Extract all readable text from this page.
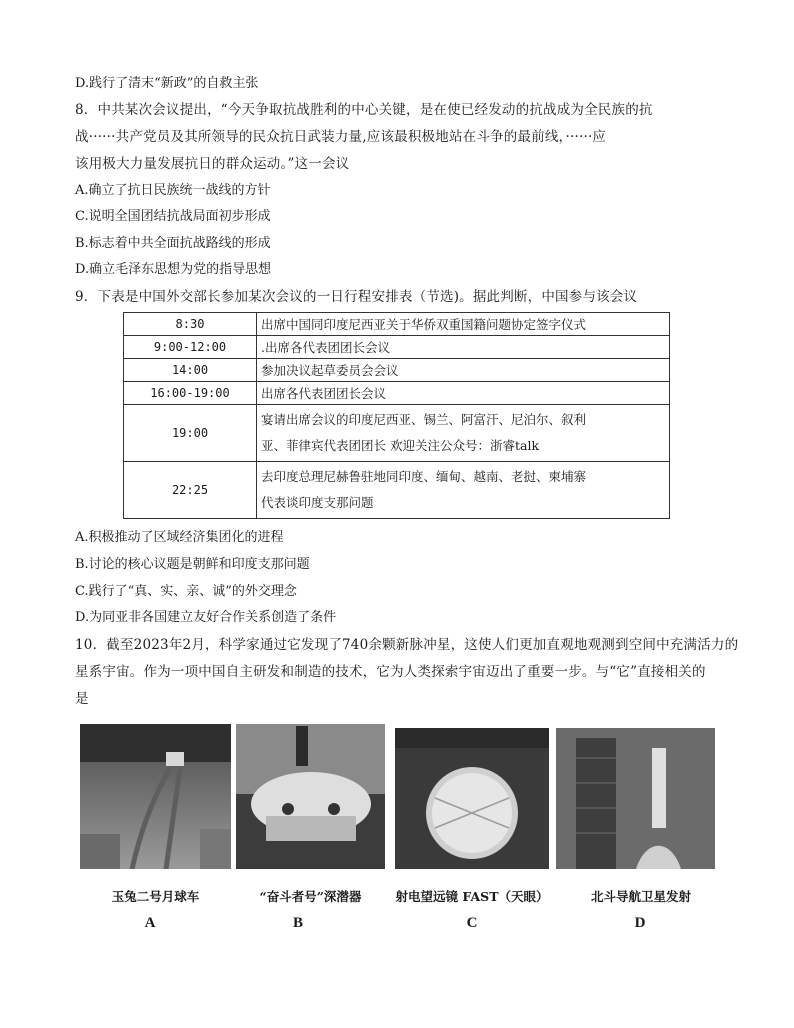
D.践行了清末“新政”的自救主张
8．中共某次会议提出，“今天争取抗战胜利的中心关键，是在使已经发动的抗战成为全民族的抗
战······共产党员及其所领导的民众抗日武装力量,应该最积极地站在斗争的最前线，······应
该用极大力量发展抗日的群众运动。”这一会议
A.确立了抗日民族统一战线的方针
C.说明全国团结抗战局面初步形成
B.标志着中共全面抗战路线的形成
D.确立毛泽东思想为党的指导思想
9．下表是中国外交部长参加某次会议的一日行程安排表（节选)。据此判断，中国参与该会议
8:30	出席中国同印度尼西亚关于华侨双重国籍问题协定签字仪式
9:00-12:00	.出席各代表团团长会议
14:00	参加决议起草委员会会议
16:00-19:00	出席各代表团团长会议
19:00	宴请出席会议的印度尼西亚、锡兰、阿富汗、尼泊尔、叙利
亚、菲律宾代表团团长 欢迎关注公众号：浙睿talk

22:25	去印度总理尼赫鲁驻地同印度、缅甸、越南、老挝、柬埔寨
代表谈印度支那问题
A.积极推动了区域经济集团化的进程
B.讨论的核心议题是朝鲜和印度支那问题
C.践行了“真、实、亲、诚”的外交理念
D.为同亚非各国建立友好合作关系创造了条件
10．截至2023年2月，科学家通过它发现了740余颗新脉冲星，这使人们更加直观地观测到空间中充满活力的
星系宇宙。作为一项中国自主研发和制造的技术，它为人类探索宇宙迈出了重要一步。与“它”直接相关的
是
玉兔二号月球车	“奋斗者号”深潜器	射电望远镜 FAST（天眼）	北斗导航卫星发射
A	B	C	D
